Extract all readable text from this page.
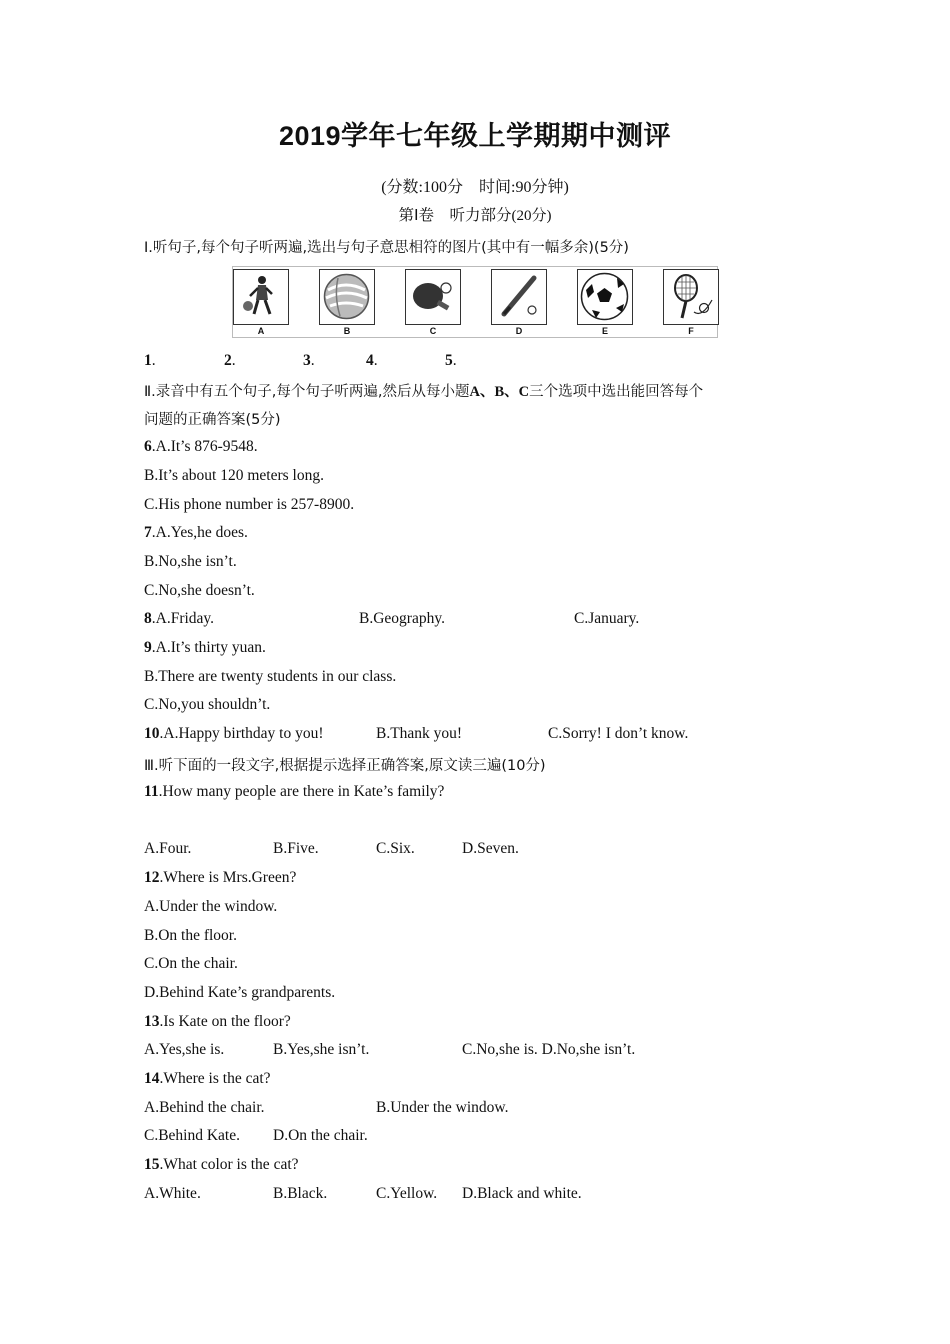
2019学年七年级上学期期中测评
(分数:100分　时间:90分钟)
第Ⅰ卷　听力部分(20分)
Ⅰ.听句子,每个句子听两遍,选出与句子意思相符的图片(其中有一幅多余)(5分)
A	B	C	D	E	F
1.	2.	3.	4.	5.
Ⅱ.录音中有五个句子,每个句子听两遍,然后从每小题A、B、C三个选项中选出能回答每个
问题的正确答案(5分)
6.A.It’s 876-9548.
B.It’s about 120 meters long.
C.His phone number is 257-8900.
7.A.Yes,he does.
B.No,she isn’t.
C.No,she doesn’t.
8.A.Friday.	B.Geography.	C.January.
9.A.It’s thirty yuan.
B.There are twenty students in our class.
C.No,you shouldn’t.
10.A.Happy birthday to you!	B.Thank you!	C.Sorry! I don’t know.
Ⅲ.听下面的一段文字,根据提示选择正确答案,原文读三遍(10分)
11.How many people are there in Kate’s family?
A.Four.	B.Five.	C.Six.	D.Seven.
12.Where is Mrs.Green?
A.Under the window.
B.On the floor.
C.On the chair.
D.Behind Kate’s grandparents.
13.Is Kate on the floor?
A.Yes,she is.	B.Yes,she isn’t.	C.No,she is. D.No,she isn’t.
14.Where is the cat?
A.Behind the chair.	B.Under the window.
C.Behind Kate. D.On the chair.
15.What color is the cat?
A.White.	B.Black.	C.Yellow. D.Black and white.
